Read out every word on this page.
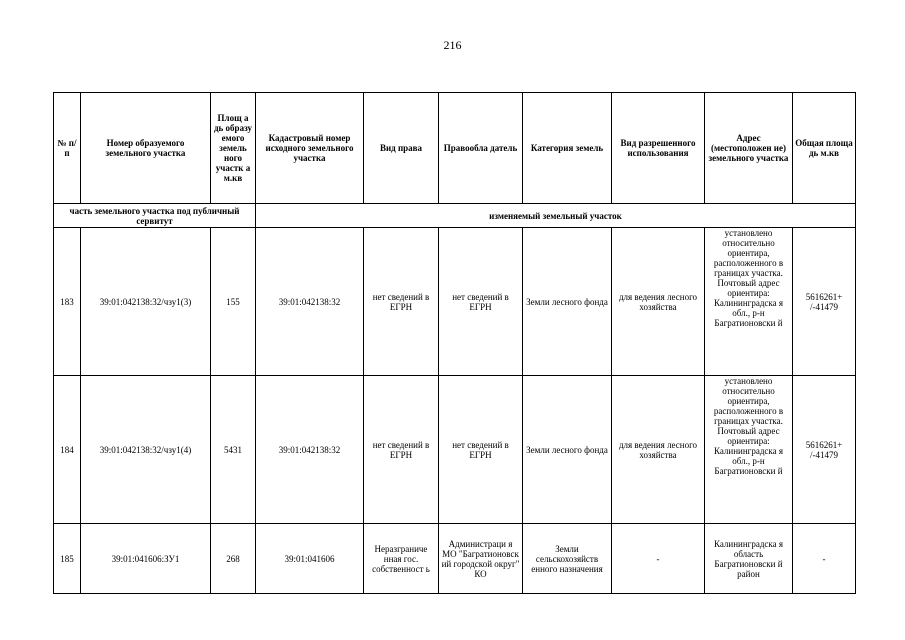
216
№ п/п	Номер образуемого земельного участка	Площ а дь образу емого земель ного участк а м.кв	Кадастровый номер исходного земельного участка	Вид права	Правообла датель	Категория земель	Вид разрешенного использования	Адрес (местоположен ие) земельного участка	Общая площа дь м.кв
часть земельного участка под публичный сервитут			изменяемый земельный участок						
183	39:01:042138:32/чзу1(3)	155	39:01:042138:32	нет сведений в ЕГРН	нет сведений в ЕГРН	Земли лесного фонда	для ведения лесного хозяйства	установлено относительно ориентира, расположенного в границах участка. Почтовый адрес ориентира: Калининградска я обл., р-н Багратионовски й	5616261+ /-41479
184	39:01:042138:32/чзу1(4)	5431	39:01:042138:32	нет сведений в ЕГРН	нет сведений в ЕГРН	Земли лесного фонда	для ведения лесного хозяйства	установлено относительно ориентира, расположенного в границах участка. Почтовый адрес ориентира: Калининградска я обл., р-н Багратионовски й	5616261+ /-41479
185	39:01:041606:ЗУ1	268	39:01:041606	Неразграниче нная гос. собственност ь	Администраци я МО "Багратионовск ий городской округ" КО	Земли сельскохозяйств енного назначения	-	Калининградска я область Багратионовски й район	-
